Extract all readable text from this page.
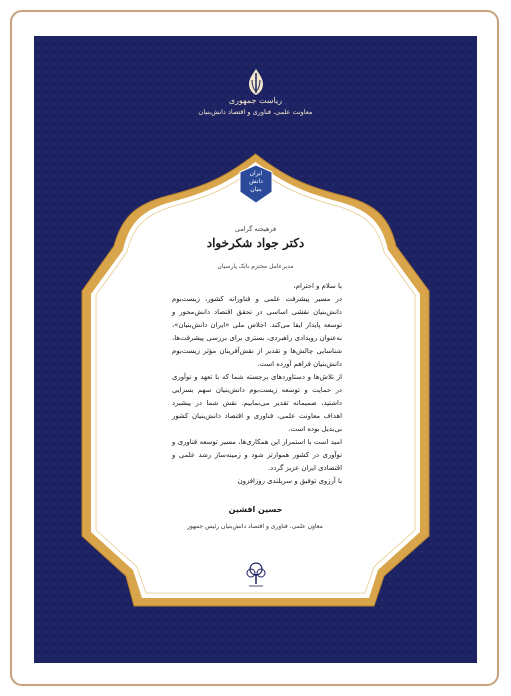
ریاست جمهوری
معاونت علمی، فناوری و اقتصاد دانش‌بنیان
ایران
دانش
بنیان
فرهیخته گرامی
دکتر جواد شکرخواد
مدیرعامل محترم بانک پارسیان

با سلام و احترام،

در مسیر پیشرفت علمی و فناورانه کشور، زیست‌بوم دانش‌بنیان نقشی اساسی در تحقق اقتصاد دانش‌محور و توسعه پایدار ایفا می‌کند. اجلاس ملی «ایران دانش‌بنیان»، به‌عنوان رویدادی راهبردی، بستری برای بررسی پیشرفت‌ها، شناسایی چالش‌ها و تقدیر از نقش‌آفرینان مؤثر زیست‌بوم دانش‌بنیان فراهم آورده است.

از تلاش‌ها و دستاوردهای برجسته شما که با تعهد و نوآوری در حمایت و توسعه زیست‌بوم دانش‌بنیان سهم بسزایی داشتید، صمیمانه تقدیر می‌نماییم. نقش شما در پیشبرد اهداف معاونت علمی، فناوری و اقتصاد دانش‌بنیان کشور بی‌بدیل بوده است.

امید است با استمرار این همکاری‌ها، مسیر توسعه فناوری و نوآوری در کشور هموارتر شود و زمینه‌ساز رشد علمی و اقتصادی ایران عزیز گردد.

با آرزوی توفیق و سربلندی روزافزون

حسین افشین
معاون علمی، فناوری و اقتصاد دانش‌بنیان رئیس جمهور
